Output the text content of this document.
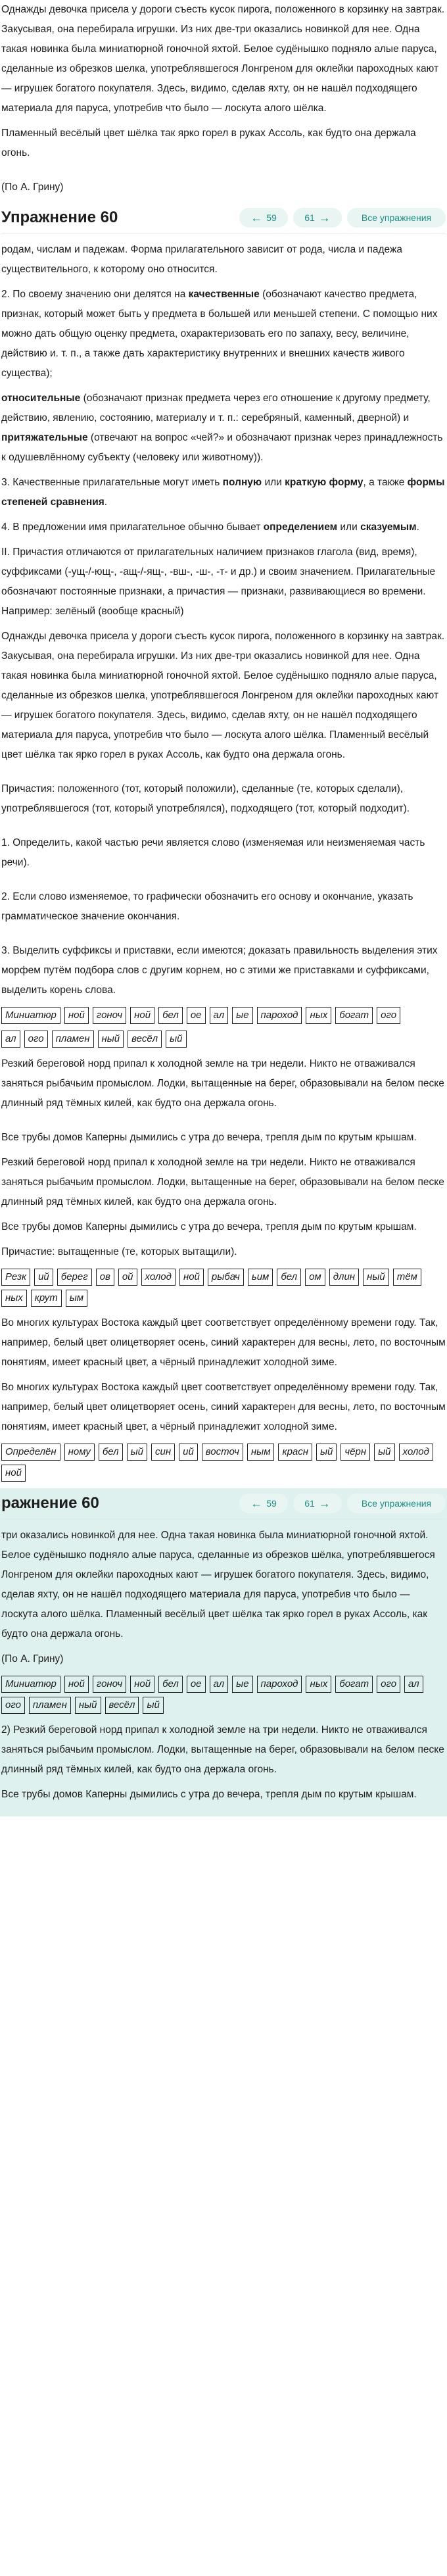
Однажды девочка присела у дороги съесть кусок пирога, положенного в корзинку на завтрак. Закусывая, она перебирала игрушки. Из них две-три оказались новинкой для нее. Одна такая новинка была миниатюрной гоночной яхтой. Белое судёнышко подняло алые паруса, сделанные из обрезков шелка, употреблявшегося Лонгреном для оклейки пароходных кают — игрушек богатого покупателя. Здесь, видимо, сделав яхту, он не нашёл подходящего материала для паруса, употребив что было — лоскута алого шёлка.

Пламенный весёлый цвет шёлка так ярко горел в руках Ассоль, как будто она держала огонь.

(По А. Грину)

Упражнение 60	← 59	61 →	Все упражнения

родам, числам и падежам. Форма прилагательного зависит от рода, числа и падежа существительного, к которому оно относится.

2. По своему значению они делятся на качественные (обозначают качество предмета, признак, который может быть у предмета в большей или меньшей степени. С помощью них можно дать общую оценку предмета, охарактеризовать его по запаху, весу, величине, действию и. т. п., а также дать характеристику внутренних и внешних качеств живого существа);

относительные (обозначают признак предмета через его отношение к другому предмету, действию, явлению, состоянию, материалу и т. п.: серебряный, каменный, дверной) и притяжательные (отвечают на вопрос «чей?» и обозначают признак через принадлежность к одушевлённому субъекту (человеку или животному)).

3. Качественные прилагательные могут иметь полную или краткую форму, а также формы степеней сравнения.

4. В предложении имя прилагательное обычно бывает определением или сказуемым.

II. Причастия отличаются от прилагательных наличием признаков глагола (вид, время), суффиксами (-ущ-/-ющ-, -ащ-/-ящ-, -вш-, -ш-, -т- и др.) и своим значением. Прилагательные обозначают постоянные признаки, а причастия — признаки, развивающиеся во времени. Например: зелёный (вообще красный)

Однажды девочка присела у дороги съесть кусок пирога, положенного в корзинку на завтрак. Закусывая, она перебирала игрушки. Из них две-три оказались новинкой для нее. Одна такая новинка была миниатюрной гоночной яхтой. Белое судёнышко подняло алые паруса, сделанные из обрезков шелка, употреблявшегося Лонгреном для оклейки пароходных кают — игрушек богатого покупателя. Здесь, видимо, сделав яхту, он не нашёл подходящего материала для паруса, употребив что было — лоскута алого шёлка. Пламенный весёлый цвет шёлка так ярко горел в руках Ассоль, как будто она держала огонь.

Причастия: положенного (тот, который положили), сделанные (те, которых сделали), употреблявшегося (тот, который употреблялся), подходящего (тот, который подходит).

1. Определить, какой частью речи является слово (изменяемая или неизменяемая часть речи).

2. Если слово изменяемое, то графически обозначить его основу и окончание, указать грамматическое значение окончания.

3. Выделить суффиксы и приставки, если имеются; доказать правильность выделения этих морфем путём подбора слов с другим корнем, но с этими же приставками и суффиксами, выделить корень слова.

Миниатюр	ной	гоноч	ной	бел	ое	ал	ые	пароход	ных	богат	ого
ал	ого	пламен	ный	весёл	ый

Резкий береговой норд припал к холодной земле на три недели. Никто не отваживался заняться рыбачьим промыслом. Лодки, вытащенные на берег, образовывали на белом песке длинный ряд тёмных килей, как будто она держала огонь.

Все трубы домов Каперны дымились с утра до вечера, трепля дым по крутым крышам.

Резкий береговой норд припал к холодной земле на три недели. Никто не отваживался заняться рыбачьим промыслом. Лодки, вытащенные на берег, образовывали на белом песке длинный ряд тёмных килей, как будто она держала огонь.

Все трубы домов Каперны дымились с утра до вечера, трепля дым по крутым крышам.

Причастие: вытащенные (те, которых вытащили).

Резк	ий	берег	ов	ой	холод	ной	рыбач	ьим	бел	ом	длин	ный	тём
ных	крут	ым

Во многих культурах Востока каждый цвет соответствует определённому времени году. Так, например, белый цвет олицетворяет осень, синий характерен для весны, лето, по восточным понятиям, имеет красный цвет, а чёрный принадлежит холодной зиме.

Во многих культурах Востока каждый цвет соответствует определённому времени году. Так, например, белый цвет олицетворяет осень, синий характерен для весны, лето, по восточным понятиям, имеет красный цвет, а чёрный принадлежит холодной зиме.

Определён	ному	бел	ый	син	ий	восточ	ным	красн	ый	чёрн	ый	холод
ной
ражнение 60	← 59	61 →	Все упражнения

три оказались новинкой для нее. Одна такая новинка была миниатюрной гоночной яхтой. Белое судёнышко подняло алые паруса, сделанные из обрезков шёлка, употреблявшегося Лонгреном для оклейки пароходных кают — игрушек богатого покупателя. Здесь, видимо, сделав яхту, он не нашёл подходящего материала для паруса, употребив что было — лоскута алого шёлка. Пламенный весёлый цвет шёлка так ярко горел в руках Ассоль, как будто она держала огонь.

(По А. Грину)

Миниатюр	ной	гоноч	ной	бел	ое	ал	ые	пароход	ных	богат	ого	ал
ого	пламен	ный	весёл	ый

2) Резкий береговой норд припал к холодной земле на три недели. Никто не отваживался заняться рыбачьим промыслом. Лодки, вытащенные на берег, образовывали на белом песке длинный ряд тёмных килей, как будто она держала огонь.

Все трубы домов Каперны дымились с утра до вечера, трепля дым по крутым крышам.
